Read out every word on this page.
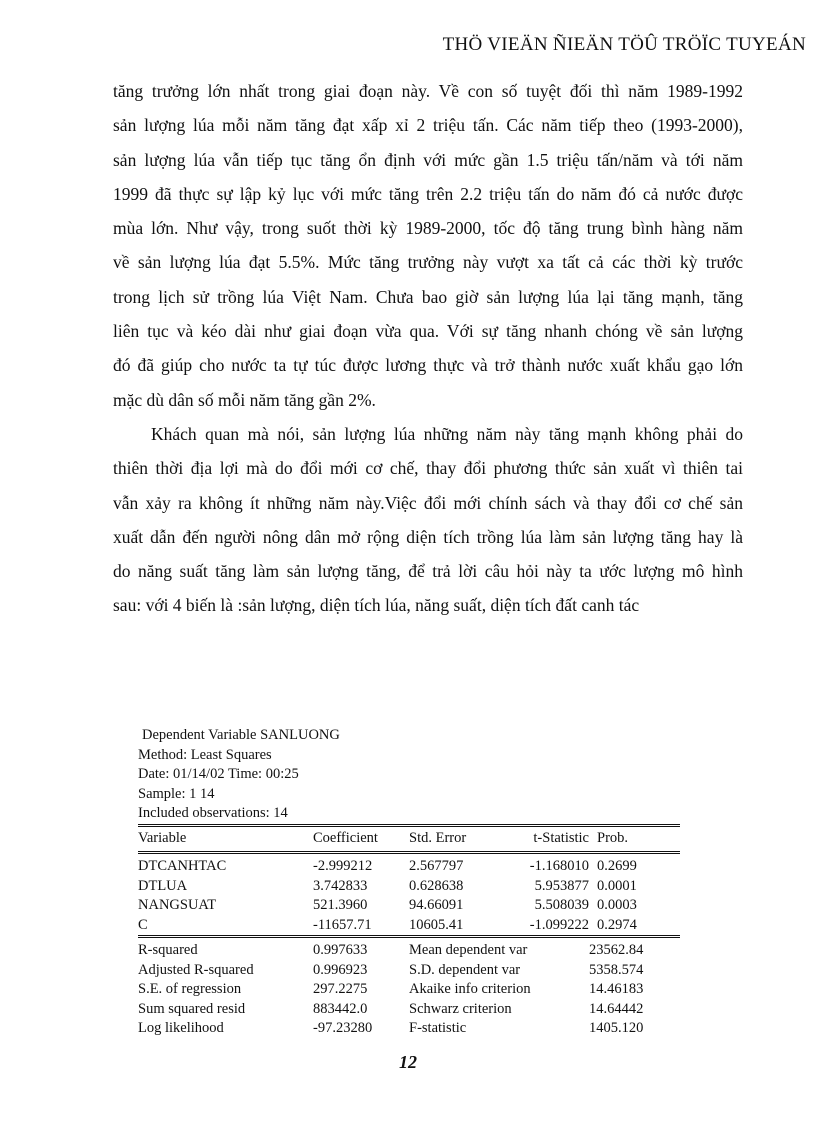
THÖ VIEÄN ÑIEÄN TÖÛ TRÖÏC TUYEÁN
tăng trưởng lớn nhất trong giai đoạn này. Về con số tuyệt đối thì năm 1989-1992
sản lượng lúa mỗi năm tăng đạt xấp xỉ 2 triệu tấn. Các năm tiếp theo (1993-2000),
sản lượng lúa vẫn tiếp tục tăng ổn định với mức gần 1.5 triệu tấn/năm và tới năm
1999 đã thực sự lập kỷ lục với mức tăng trên 2.2 triệu tấn do năm đó cả nước được
mùa lớn. Như vậy, trong suốt thời kỳ 1989-2000, tốc độ tăng trung bình hàng năm
về sản lượng lúa đạt 5.5%. Mức tăng trưởng này vượt xa tất cả các thời kỳ trước
trong lịch sử trồng lúa Việt Nam. Chưa bao giờ sản lượng lúa lại tăng mạnh, tăng
liên tục và kéo dài như giai đoạn vừa qua. Với sự tăng nhanh chóng về sản lượng
đó đã giúp cho nước ta tự túc được lương thực và trở thành nước xuất khẩu gạo lớn
mặc dù dân số mỗi năm tăng gần 2%.
Khách quan mà nói, sản lượng lúa những năm này tăng mạnh không phải do
thiên thời địa lợi mà do đổi mới cơ chế, thay đổi phương thức sản xuất vì thiên tai
vẫn xảy ra không ít những năm này.Việc đổi mới chính sách và thay đổi cơ chế sản
xuất dẫn đến người nông dân mở rộng diện tích trồng lúa làm sản lượng tăng hay là
do năng suất tăng làm sản lượng tăng, để trả lời câu hỏi này ta ước lượng mô hình
sau: với 4 biến là :sản lượng, diện tích lúa, năng suất, diện tích đất canh tác
Dependent Variable SANLUONG
Method: Least Squares
Date: 01/14/02 Time: 00:25
Sample: 1 14
Included observations: 14
Variable	Coefficient	Std. Error	t-Statistic Prob.
DTCANHTAC	-2.999212	2.567797	-1.168010 0.2699
DTLUA	3.742833	0.628638	5.953877 0.0001
NANGSUAT	521.3960	94.66091	5.508039 0.0003
C	-11657.71	10605.41	-1.099222 0.2974
R-squared	0.997633	Mean dependent var	23562.84
Adjusted R-squared	0.996923	S.D. dependent var	5358.574
S.E. of regression	297.2275	Akaike info criterion	14.46183
Sum squared resid	883442.0	Schwarz criterion	14.64442
Log likelihood	-97.23280	F-statistic	1405.120
12
